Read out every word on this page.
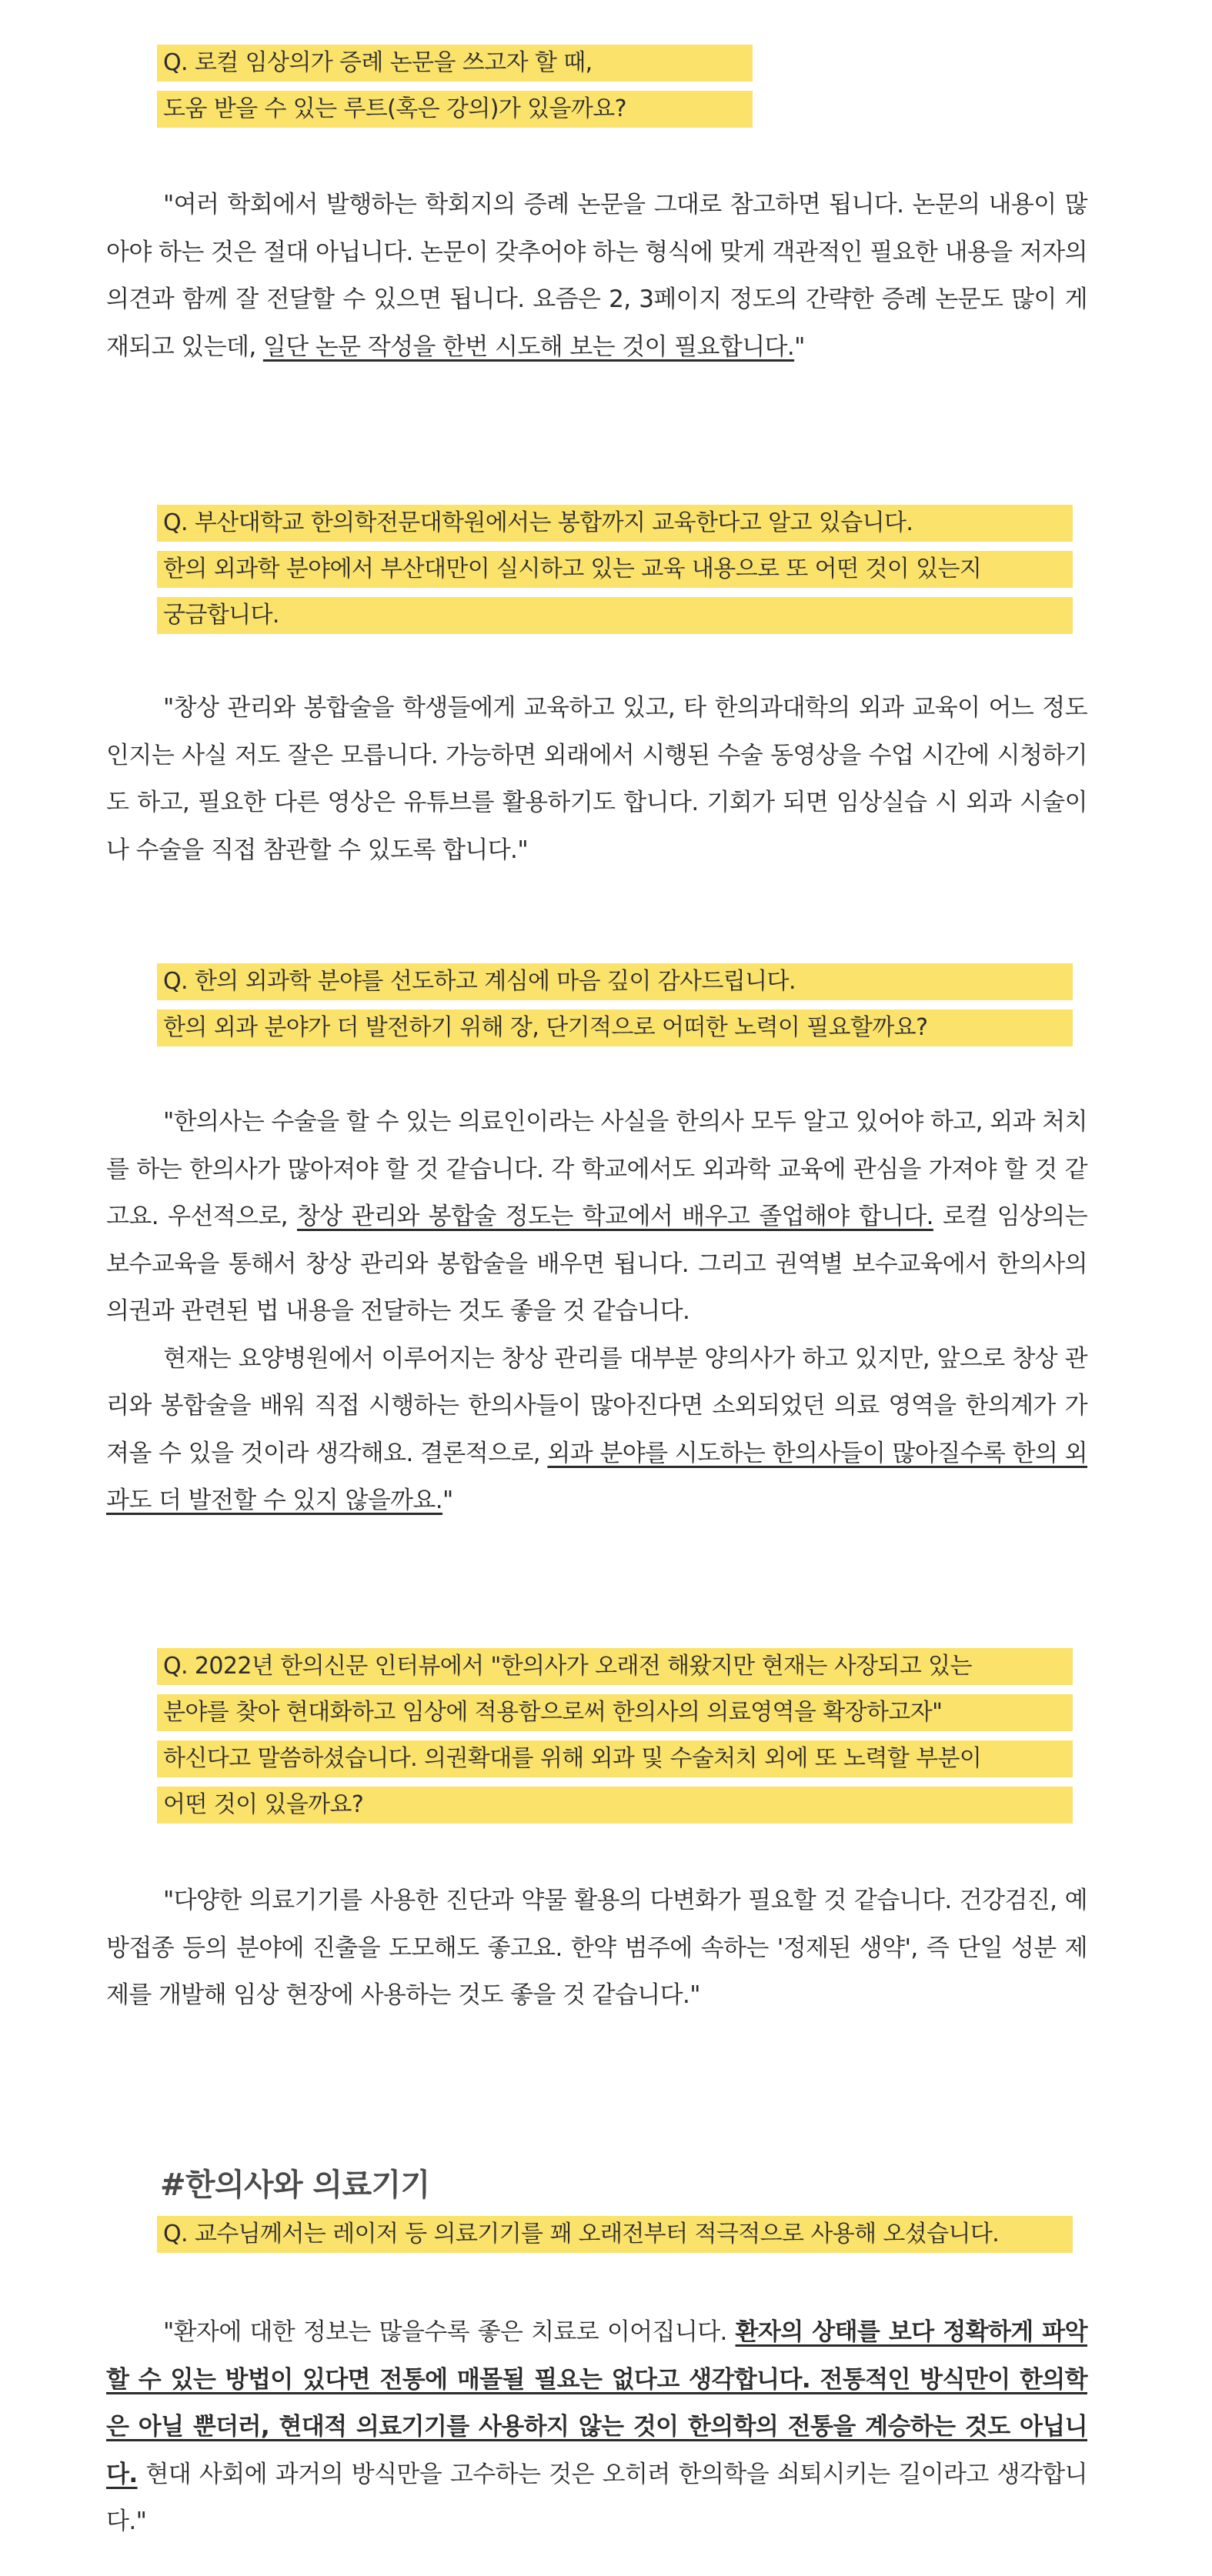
Q. 로컬 임상의가 증례 논문을 쓰고자 할 때,
도움 받을 수 있는 루트(혹은 강의)가 있을까요?

"여러 학회에서 발행하는 학회지의 증례 논문을 그대로 참고하면 됩니다. 논문의 내용이 많아야 하는 것은 절대 아닙니다. 논문이 갖추어야 하는 형식에 맞게 객관적인 필요한 내용을 저자의 의견과 함께 잘 전달할 수 있으면 됩니다. 요즘은 2, 3페이지 정도의 간략한 증례 논문도 많이 게재되고 있는데, 일단 논문 작성을 한번 시도해 보는 것이 필요합니다."

Q. 부산대학교 한의학전문대학원에서는 봉합까지 교육한다고 알고 있습니다.
한의 외과학 분야에서 부산대만이 실시하고 있는 교육 내용으로 또 어떤 것이 있는지
궁금합니다.

"창상 관리와 봉합술을 학생들에게 교육하고 있고, 타 한의과대학의 외과 교육이 어느 정도인지는 사실 저도 잘은 모릅니다. 가능하면 외래에서 시행된 수술 동영상을 수업 시간에 시청하기도 하고, 필요한 다른 영상은 유튜브를 활용하기도 합니다. 기회가 되면 임상실습 시 외과 시술이나 수술을 직접 참관할 수 있도록 합니다."

Q. 한의 외과학 분야를 선도하고 계심에 마음 깊이 감사드립니다.
한의 외과 분야가 더 발전하기 위해 장, 단기적으로 어떠한 노력이 필요할까요?

"한의사는 수술을 할 수 있는 의료인이라는 사실을 한의사 모두 알고 있어야 하고, 외과 처치를 하는 한의사가 많아져야 할 것 같습니다. 각 학교에서도 외과학 교육에 관심을 가져야 할 것 같고요. 우선적으로, 창상 관리와 봉합술 정도는 학교에서 배우고 졸업해야 합니다. 로컬 임상의는 보수교육을 통해서 창상 관리와 봉합술을 배우면 됩니다. 그리고 권역별 보수교육에서 한의사의 의권과 관련된 법 내용을 전달하는 것도 좋을 것 같습니다.

현재는 요양병원에서 이루어지는 창상 관리를 대부분 양의사가 하고 있지만, 앞으로 창상 관리와 봉합술을 배워 직접 시행하는 한의사들이 많아진다면 소외되었던 의료 영역을 한의계가 가져올 수 있을 것이라 생각해요. 결론적으로, 외과 분야를 시도하는 한의사들이 많아질수록 한의 외과도 더 발전할 수 있지 않을까요."

Q. 2022년 한의신문 인터뷰에서 "한의사가 오래전 해왔지만 현재는 사장되고 있는
분야를 찾아 현대화하고 임상에 적용함으로써 한의사의 의료영역을 확장하고자"
하신다고 말씀하셨습니다. 의권확대를 위해 외과 및 수술처치 외에 또 노력할 부분이
어떤 것이 있을까요?

"다양한 의료기기를 사용한 진단과 약물 활용의 다변화가 필요할 것 같습니다. 건강검진, 예방접종 등의 분야에 진출을 도모해도 좋고요. 한약 범주에 속하는 '정제된 생약', 즉 단일 성분 제제를 개발해 임상 현장에 사용하는 것도 좋을 것 같습니다."

#한의사와 의료기기
Q. 교수님께서는 레이저 등 의료기기를 꽤 오래전부터 적극적으로 사용해 오셨습니다.

"환자에 대한 정보는 많을수록 좋은 치료로 이어집니다. 환자의 상태를 보다 정확하게 파악할 수 있는 방법이 있다면 전통에 매몰될 필요는 없다고 생각합니다. 전통적인 방식만이 한의학은 아닐 뿐더러, 현대적 의료기기를 사용하지 않는 것이 한의학의 전통을 계승하는 것도 아닙니다. 현대 사회에 과거의 방식만을 고수하는 것은 오히려 한의학을 쇠퇴시키는 길이라고 생각합니다."
